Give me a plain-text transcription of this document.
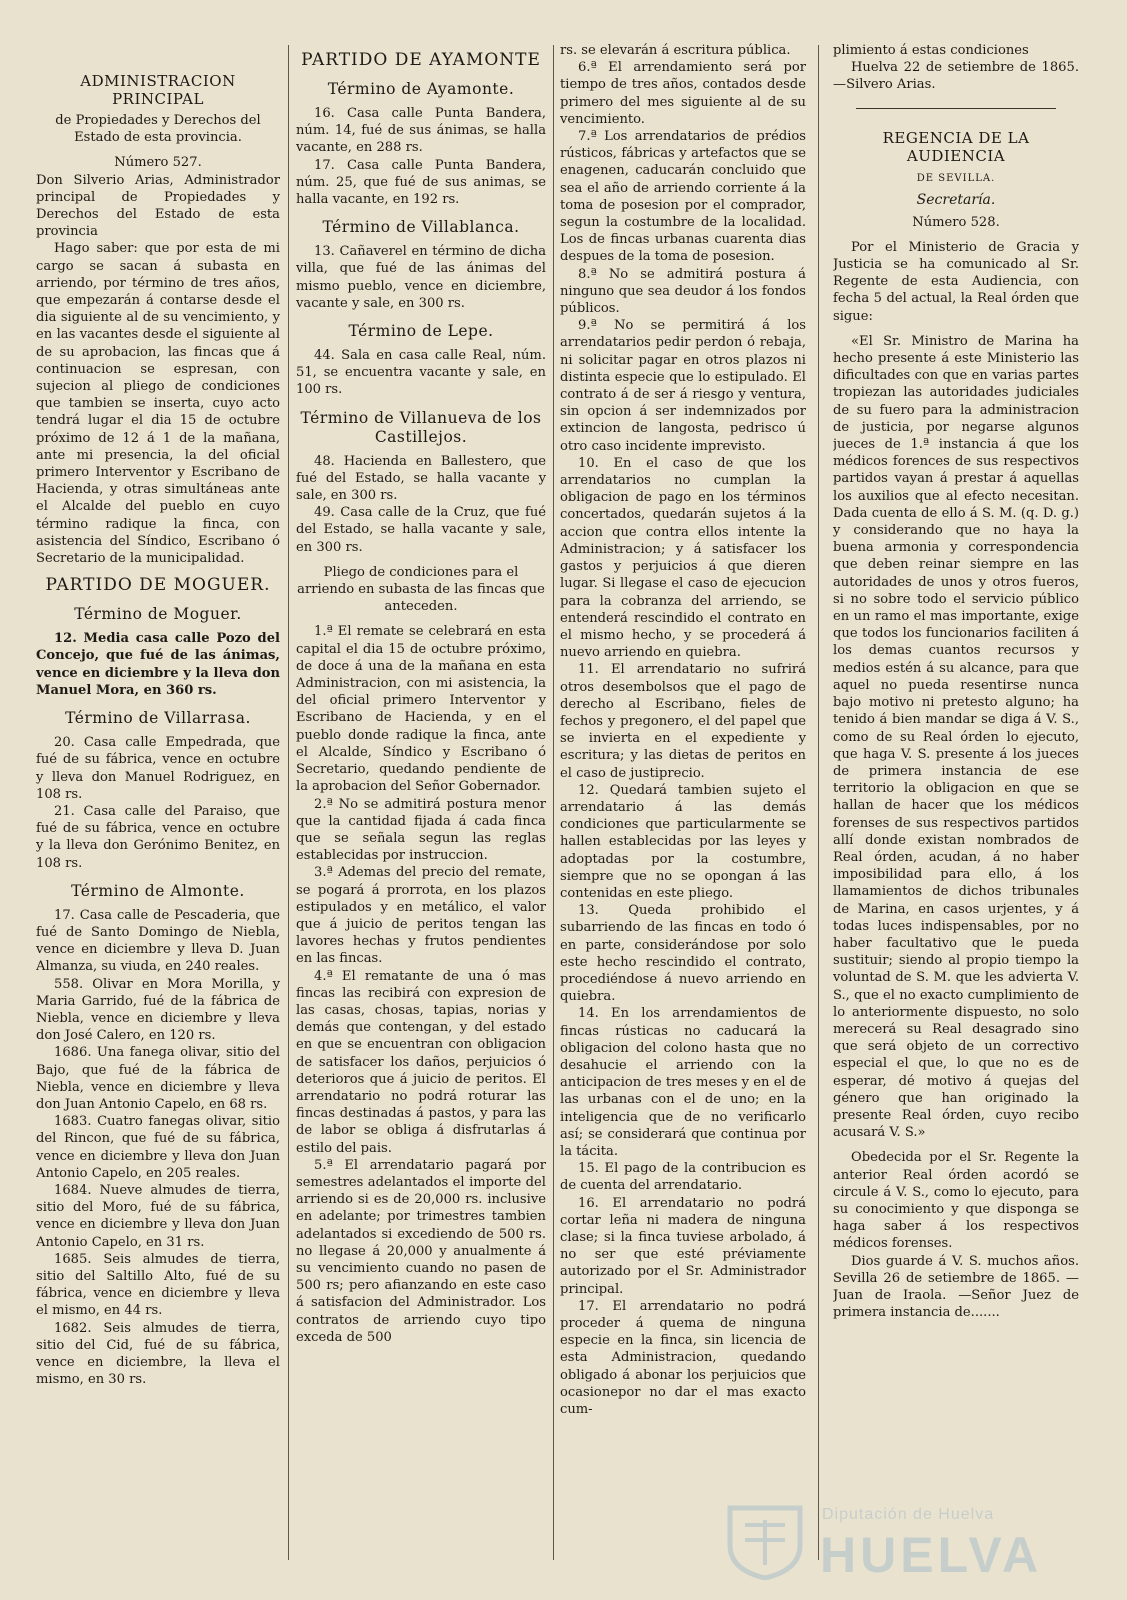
ADMINISTRACION PRINCIPAL

de Propiedades y Derechos del Estado de esta provincia.

Número 527.

Don Silverio Arias, Administrador principal de Propiedades y Derechos del Estado de esta provincia

Hago saber: que por esta de mi cargo se sacan á subasta en arriendo, por término de tres años, que empezarán á contarse desde el dia siguiente al de su vencimiento, y en las vacantes desde el siguiente al de su aprobacion, las fincas que á continuacion se espresan, con sujecion al pliego de condiciones que tambien se inserta, cuyo acto tendrá lugar el dia 15 de octubre próximo de 12 á 1 de la mañana, ante mi presencia, la del oficial primero Interventor y Escribano de Hacienda, y otras simultáneas ante el Alcalde del pueblo en cuyo término radique la finca, con asistencia del Síndico, Escribano ó Secretario de la municipalidad.

PARTIDO DE MOGUER.
Término de Moguer.

12. Media casa calle Pozo del Concejo, que fué de las ánimas, vence en diciembre y la lleva don Manuel Mora, en 360 rs.

Término de Villarrasa.

20. Casa calle Empedrada, que fué de su fábrica, vence en octubre y lleva don Manuel Rodriguez, en 108 rs.

21. Casa calle del Paraiso, que fué de su fábrica, vence en octubre y la lleva don Gerónimo Benitez, en 108 rs.

Término de Almonte.

17. Casa calle de Pescaderia, que fué de Santo Domingo de Niebla, vence en diciembre y lleva D. Juan Almanza, su viuda, en 240 reales.

558. Olivar en Mora Morilla, y Maria Garrido, fué de la fábrica de Niebla, vence en diciembre y lleva don José Calero, en 120 rs.

1686. Una fanega olivar, sitio del Bajo, que fué de la fábrica de Niebla, vence en diciembre y lleva don Juan Antonio Capelo, en 68 rs.

1683. Cuatro fanegas olivar, sitio del Rincon, que fué de su fábrica, vence en diciembre y lleva don Juan Antonio Capelo, en 205 reales.

1684. Nueve almudes de tierra, sitio del Moro, fué de su fábrica, vence en diciembre y lleva don Juan Antonio Capelo, en 31 rs.

1685. Seis almudes de tierra, sitio del Saltillo Alto, fué de su fábrica, vence en diciembre y lleva el mismo, en 44 rs.

1682. Seis almudes de tierra, sitio del Cid, fué de su fábrica, vence en diciembre, la lleva el mismo, en 30 rs.

PARTIDO DE AYAMONTE
Término de Ayamonte.

16. Casa calle Punta Bandera, núm. 14, fué de sus ánimas, se halla vacante, en 288 rs.

17. Casa calle Punta Bandera, núm. 25, que fué de sus animas, se halla vacante, en 192 rs.

Término de Villablanca.

13. Cañaverel en término de dicha villa, que fué de las ánimas del mismo pueblo, vence en diciembre, vacante y sale, en 300 rs.

Término de Lepe.

44. Sala en casa calle Real, núm. 51, se encuentra vacante y sale, en 100 rs.

Término de Villanueva de los Castillejos.

48. Hacienda en Ballestero, que fué del Estado, se halla vacante y sale, en 300 rs.

49. Casa calle de la Cruz, que fué del Estado, se halla vacante y sale, en 300 rs.

Pliego de condiciones para el arriendo en subasta de las fincas que anteceden.

1.ª El remate se celebrará en esta capital el dia 15 de octubre próximo, de doce á una de la mañana en esta Administracion, con mi asistencia, la del oficial primero Interventor y Escribano de Hacienda, y en el pueblo donde radique la finca, ante el Alcalde, Síndico y Escribano ó Secretario, quedando pendiente de la aprobacion del Señor Gobernador.

2.ª No se admitirá postura menor que la cantidad fijada á cada finca que se señala segun las reglas establecidas por instruccion.

3.ª Ademas del precio del remate, se pogará á prorrota, en los plazos estipulados y en metálico, el valor que á juicio de peritos tengan las lavores hechas y frutos pendientes en las fincas.

4.ª El rematante de una ó mas fincas las recibirá con expresion de las casas, chosas, tapias, norias y demás que contengan, y del estado en que se encuentran con obligacion de satisfacer los daños, perjuicios ó deterioros que á juicio de peritos. El arrendatario no podrá roturar las fincas destinadas á pastos, y para las de labor se obliga á disfrutarlas á estilo del pais.

5.ª El arrendatario pagará por semestres adelantados el importe del arriendo si es de 20,000 rs. inclusive en adelante; por trimestres tambien adelantados si excediendo de 500 rs. no llegase á 20,000 y anualmente á su vencimiento cuando no pasen de 500 rs; pero afianzando en este caso á satisfacion del Administrador. Los contratos de arriendo cuyo tipo exceda de 500

rs. se elevarán á escritura pública.

6.ª El arrendamiento será por tiempo de tres años, contados desde primero del mes siguiente al de su vencimiento.

7.ª Los arrendatarios de prédios rústicos, fábricas y artefactos que se enagenen, caducarán concluido que sea el año de arriendo corriente á la toma de posesion por el comprador, segun la costumbre de la localidad. Los de fincas urbanas cuarenta dias despues de la toma de posesion.

8.ª No se admitirá postura á ninguno que sea deudor á los fondos públicos.

9.ª No se permitirá á los arrendatarios pedir perdon ó rebaja, ni solicitar pagar en otros plazos ni distinta especie que lo estipulado. El contrato á de ser á riesgo y ventura, sin opcion á ser indemnizados por extincion de langosta, pedrisco ú otro caso incidente imprevisto.

10. En el caso de que los arrendatarios no cumplan la obligacion de pago en los términos concertados, quedarán sujetos á la accion que contra ellos intente la Administracion; y á satisfacer los gastos y perjuicios á que dieren lugar. Si llegase el caso de ejecucion para la cobranza del arriendo, se entenderá rescindido el contrato en el mismo hecho, y se procederá á nuevo arriendo en quiebra.

11. El arrendatario no sufrirá otros desembolsos que el pago de derecho al Escribano, fieles de fechos y pregonero, el del papel que se invierta en el expediente y escritura; y las dietas de peritos en el caso de justiprecio.

12. Quedará tambien sujeto el arrendatario á las demás condiciones que particularmente se hallen establecidas por las leyes y adoptadas por la costumbre, siempre que no se opongan á las contenidas en este pliego.

13. Queda prohibido el subarriendo de las fincas en todo ó en parte, considerándose por solo este hecho rescindido el contrato, procediéndose á nuevo arriendo en quiebra.

14. En los arrendamientos de fincas rústicas no caducará la obligacion del colono hasta que no desahucie el arriendo con la anticipacion de tres meses y en el de las urbanas con el de uno; en la inteligencia que de no verificarlo así; se considerará que continua por la tácita.

15. El pago de la contribucion es de cuenta del arrendatario.

16. El arrendatario no podrá cortar leña ni madera de ninguna clase; si la finca tuviese arbolado, á no ser que esté préviamente autorizado por el Sr. Administrador principal.

17. El arrendatario no podrá proceder á quema de ninguna especie en la finca, sin licencia de esta Administracion, quedando obligado á abonar los perjuicios que ocasionepor no dar el mas exacto cum-

plimiento á estas condiciones

Huelva 22 de setiembre de 1865. —Silvero Arias.

REGENCIA DE LA AUDIENCIA
DE SEVILLA.
Secretaría.

Número 528.

Por el Ministerio de Gracia y Justicia se ha comunicado al Sr. Regente de esta Audiencia, con fecha 5 del actual, la Real órden que sigue:

«El Sr. Ministro de Marina ha hecho presente á este Ministerio las dificultades con que en varias partes tropiezan las autoridades judiciales de su fuero para la administracion de justicia, por negarse algunos jueces de 1.ª instancia á que los médicos forences de sus respectivos partidos vayan á prestar á aquellas los auxilios que al efecto necesitan. Dada cuenta de ello á S. M. (q. D. g.) y considerando que no haya la buena armonia y correspondencia que deben reinar siempre en las autoridades de unos y otros fueros, si no sobre todo el servicio público en un ramo el mas importante, exige que todos los funcionarios faciliten á los demas cuantos recursos y medios estén á su alcance, para que aquel no pueda resentirse nunca bajo motivo ni pretesto alguno; ha tenido á bien mandar se diga á V. S., como de su Real órden lo ejecuto, que haga V. S. presente á los jueces de primera instancia de ese territorio la obligacion en que se hallan de hacer que los médicos forenses de sus respectivos partidos allí donde existan nombrados de Real órden, acudan, á no haber imposibilidad para ello, á los llamamientos de dichos tribunales de Marina, en casos urjentes, y á todas luces indispensables, por no haber facultativo que le pueda sustituir; siendo al propio tiempo la voluntad de S. M. que les advierta V. S., que el no exacto cumplimiento de lo anteriormente dispuesto, no solo merecerá su Real desagrado sino que será objeto de un correctivo especial el que, lo que no es de esperar, dé motivo á quejas del género que han originado la presente Real órden, cuyo recibo acusará V. S.»

Obedecida por el Sr. Regente la anterior Real órden acordó se circule á V. S., como lo ejecuto, para su conocimiento y que disponga se haga saber á los respectivos médicos forenses.

Dios guarde á V. S. muchos años. Sevilla 26 de setiembre de 1865. —Juan de Iraola. —Señor Juez de primera instancia de.......

Diputación de Huelva
HUELVA
